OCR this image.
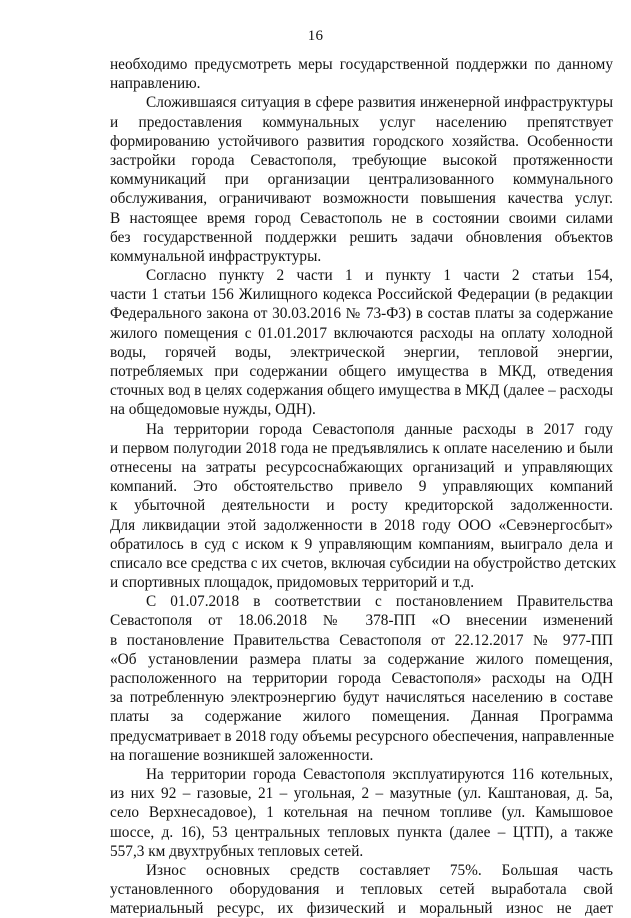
16
необходимо предусмотреть меры государственной поддержки по данному
направлению.
Сложившаяся ситуация в сфере развития инженерной инфраструктуры
и предоставления коммунальных услуг населению препятствует
формированию устойчивого развития городского хозяйства. Особенности
застройки города Севастополя, требующие высокой протяженности
коммуникаций при организации централизованного коммунального
обслуживания, ограничивают возможности повышения качества услуг.
В настоящее время город Севастополь не в состоянии своими силами
без государственной поддержки решить задачи обновления объектов
коммунальной инфраструктуры.
Согласно пункту 2 части 1 и пункту 1 части 2 статьи 154,
части 1 статьи 156 Жилищного кодекса Российской Федерации (в редакции
Федерального закона от 30.03.2016 № 73-ФЗ) в состав платы за содержание
жилого помещения с 01.01.2017 включаются расходы на оплату холодной
воды, горячей воды, электрической энергии, тепловой энергии,
потребляемых при содержании общего имущества в МКД, отведения
сточных вод в целях содержания общего имущества в МКД (далее – расходы
на общедомовые нужды, ОДН).
На территории города Севастополя данные расходы в 2017 году
и первом полугодии 2018 года не предъявлялись к оплате населению и были
отнесены на затраты ресурсоснабжающих организаций и управляющих
компаний. Это обстоятельство привело 9 управляющих компаний
к убыточной деятельности и росту кредиторской задолженности.
Для ликвидации этой задолженности в 2018 году ООО «Севэнергосбыт»
обратилось в суд с иском к 9 управляющим компаниям, выиграло дела и
списало все средства с их счетов, включая субсидии на обустройство детских
и спортивных площадок, придомовых территорий и т.д.
С 01.07.2018 в соответствии с постановлением Правительства
Севастополя от 18.06.2018 № 378-ПП «О внесении изменений
в постановление Правительства Севастополя от 22.12.2017 № 977-ПП
«Об установлении размера платы за содержание жилого помещения,
расположенного на территории города Севастополя» расходы на ОДН
за потребленную электроэнергию будут начисляться населению в составе
платы за содержание жилого помещения. Данная Программа
предусматривает в 2018 году объемы ресурсного обеспечения, направленные
на погашение возникшей заложенности.
На территории города Севастополя эксплуатируются 116 котельных,
из них 92 – газовые, 21 – угольная, 2 – мазутные (ул. Каштановая, д. 5а,
село Верхнесадовое), 1 котельная на печном топливе (ул. Камышовое
шоссе, д. 16), 53 центральных тепловых пункта (далее – ЦТП), а также
557,3 км двухтрубных тепловых сетей.
Износ основных средств составляет 75%. Большая часть
установленного оборудования и тепловых сетей выработала свой
материальный ресурс, их физический и моральный износ не дает
